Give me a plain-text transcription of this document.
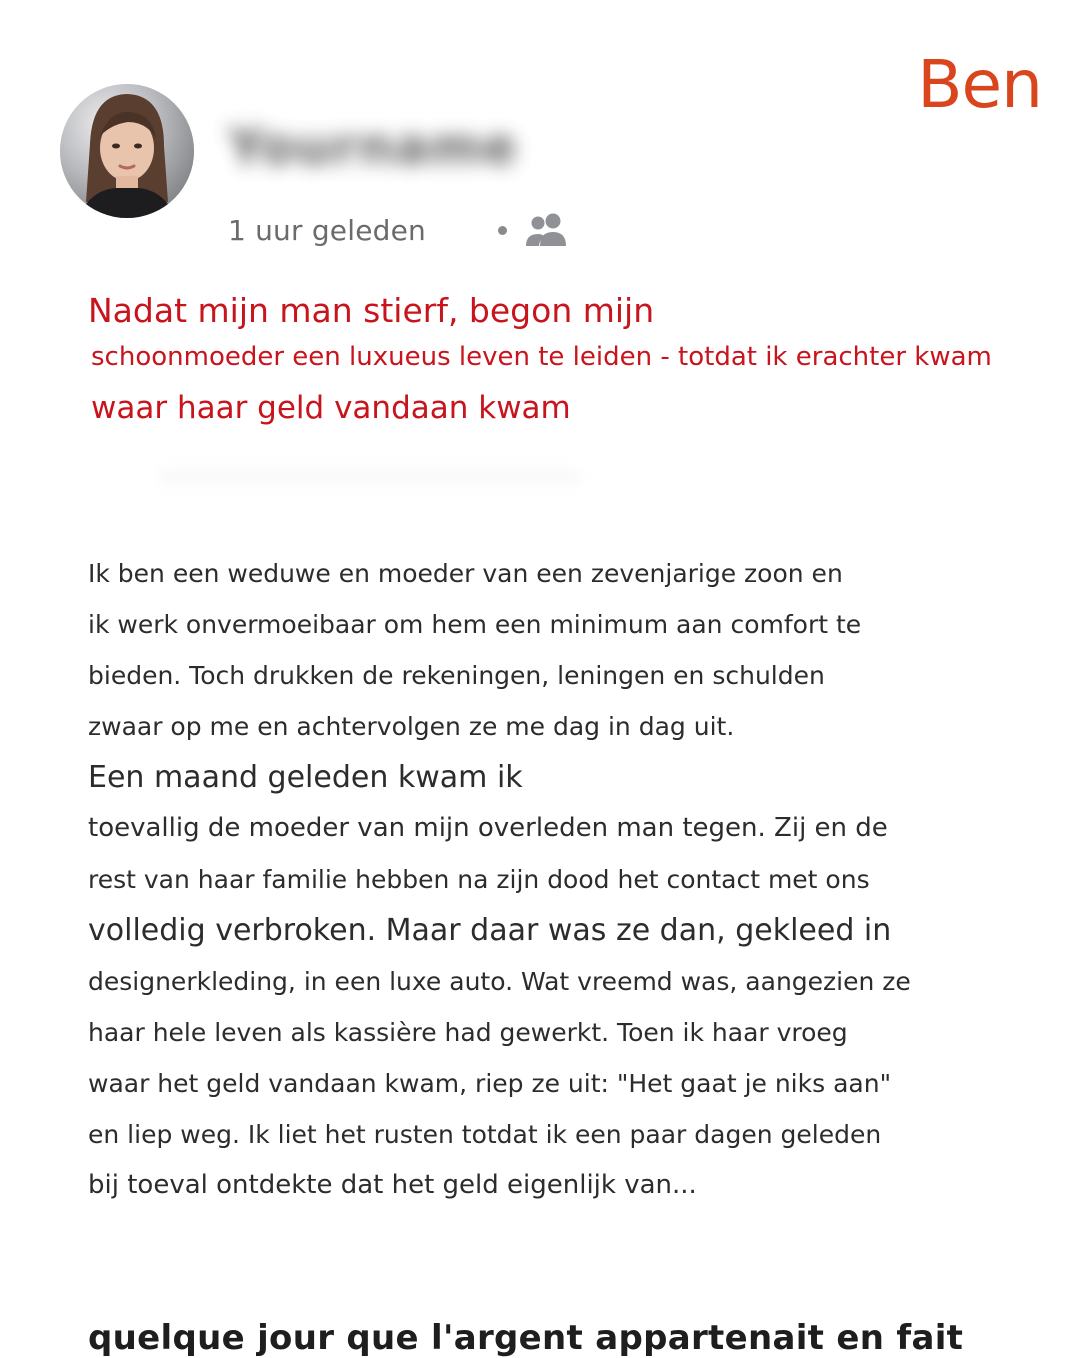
Ben
Yourname
1 uur geleden
Nadat mijn man stierf, begon mijn
schoonmoeder een luxueus leven te leiden - totdat ik erachter kwam
waar haar geld vandaan kwam
Ik ben een weduwe en moeder van een zevenjarige zoon en
ik werk onvermoeibaar om hem een minimum aan comfort te
bieden. Toch drukken de rekeningen, leningen en schulden
zwaar op me en achtervolgen ze me dag in dag uit.
Een maand geleden kwam ik
toevallig de moeder van mijn overleden man tegen. Zij en de
rest van haar familie hebben na zijn dood het contact met ons
volledig verbroken. Maar daar was ze dan, gekleed in
designerkleding, in een luxe auto. Wat vreemd was, aangezien ze
haar hele leven als kassière had gewerkt. Toen ik haar vroeg
waar het geld vandaan kwam, riep ze uit: "Het gaat je niks aan"
en liep weg. Ik liet het rusten totdat ik een paar dagen geleden
bij toeval ontdekte dat het geld eigenlijk van...
quelque jour que l'argent appartenait en fait
